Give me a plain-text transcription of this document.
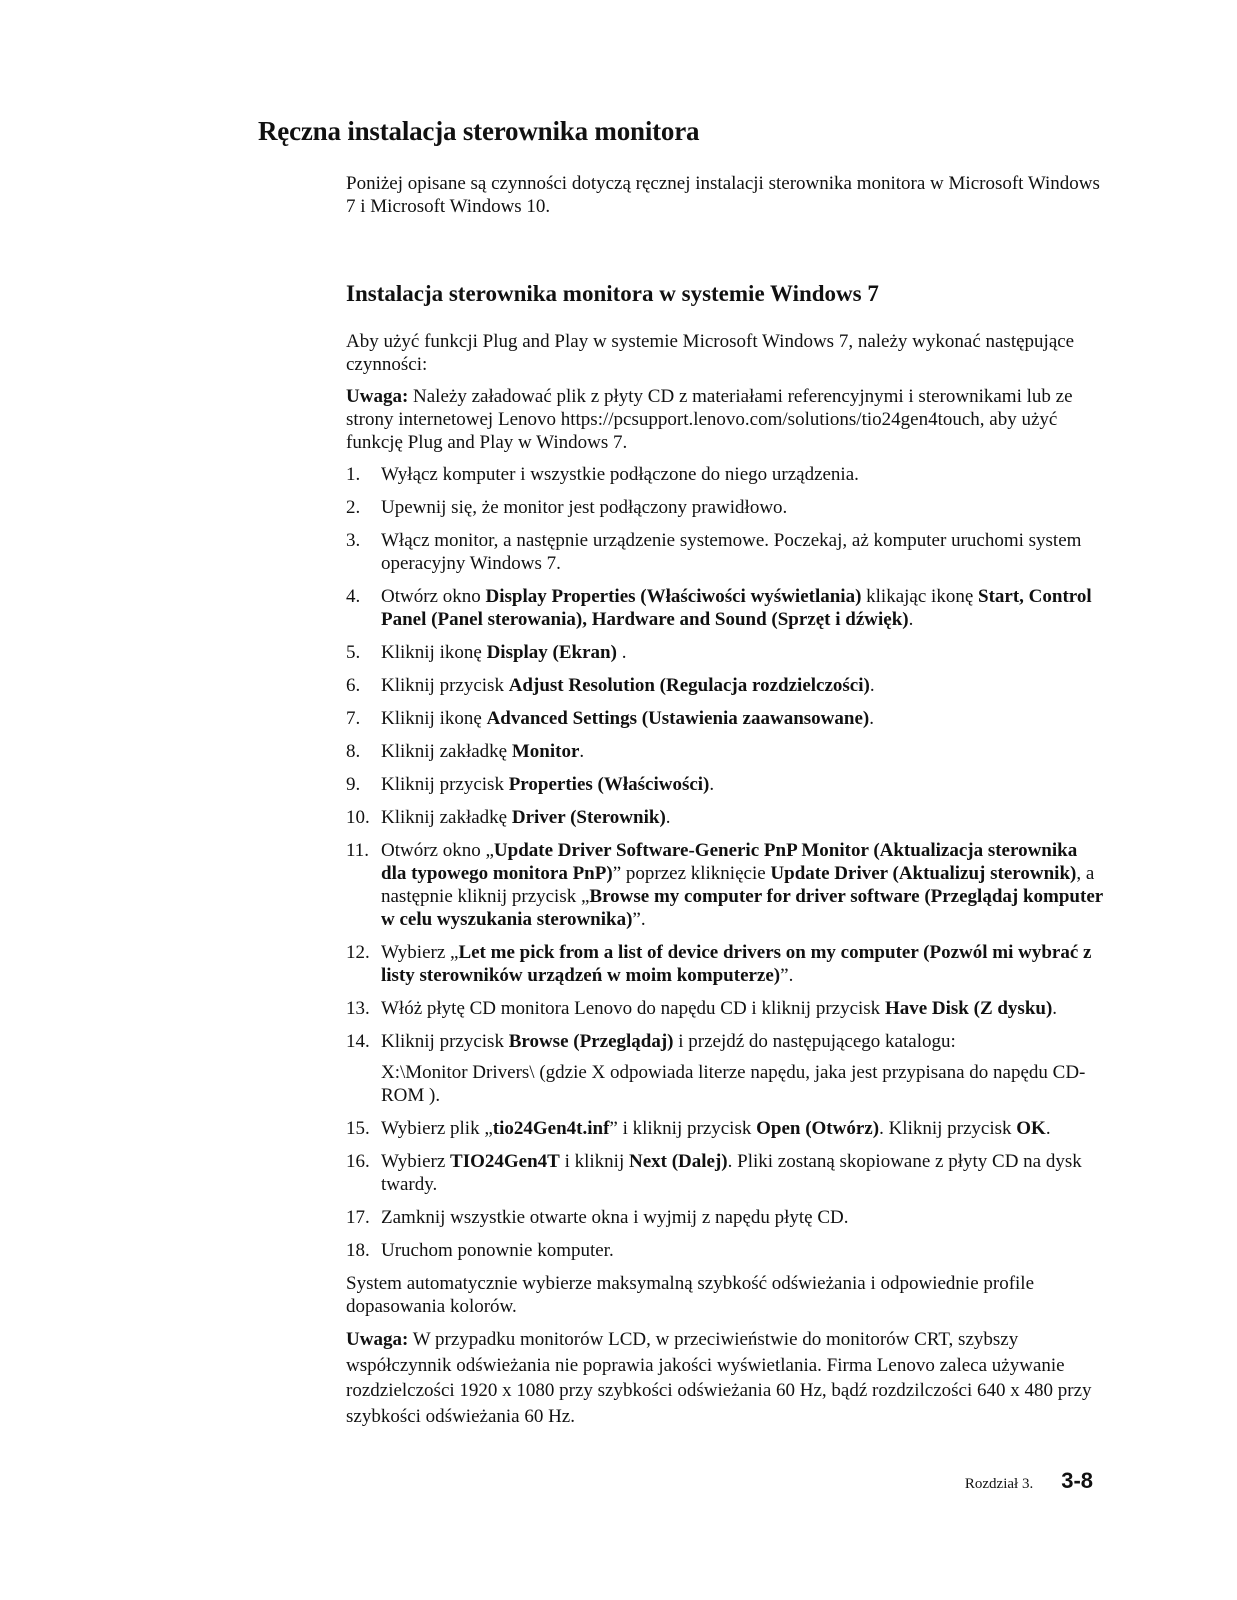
Ręczna instalacja sterownika monitora

Poniżej opisane są czynności dotyczą ręcznej instalacji sterownika monitora w Microsoft Windows 7 i Microsoft Windows 10.

Instalacja sterownika monitora w systemie Windows 7

Aby użyć funkcji Plug and Play w systemie Microsoft Windows 7, należy wykonać następujące czynności:

Uwaga: Należy załadować plik z płyty CD z materiałami referencyjnymi i sterownikami lub ze strony internetowej Lenovo https://pcsupport.lenovo.com/solutions/tio24gen4touch, aby użyć funkcję Plug and Play w Windows 7.

1. Wyłącz komputer i wszystkie podłączone do niego urządzenia.
2. Upewnij się, że monitor jest podłączony prawidłowo.
3. Włącz monitor, a następnie urządzenie systemowe. Poczekaj, aż komputer uruchomi system operacyjny Windows 7.
4. Otwórz okno Display Properties (Właściwości wyświetlania) klikając ikonę Start, Control Panel (Panel sterowania), Hardware and Sound (Sprzęt i dźwięk).
5. Kliknij ikonę Display (Ekran) .
6. Kliknij przycisk Adjust Resolution (Regulacja rozdzielczości).
7. Kliknij ikonę Advanced Settings (Ustawienia zaawansowane).
8. Kliknij zakładkę Monitor.
9. Kliknij przycisk Properties (Właściwości).
10. Kliknij zakładkę Driver (Sterownik).
11. Otwórz okno „Update Driver Software-Generic PnP Monitor (Aktualizacja sterownika dla typowego monitora PnP)” poprzez kliknięcie Update Driver (Aktualizuj sterownik), a następnie kliknij przycisk „Browse my computer for driver software (Przeglądaj komputer w celu wyszukania sterownika)”.
12. Wybierz „Let me pick from a list of device drivers on my computer (Pozwól mi wybrać z listy sterowników urządzeń w moim komputerze)”.
13. Włóż płytę CD monitora Lenovo do napędu CD i kliknij przycisk Have Disk (Z dysku).
14. Kliknij przycisk Browse (Przeglądaj) i przejdź do następującego katalogu:
X:\Monitor Drivers\ (gdzie X odpowiada literze napędu, jaka jest przypisana do napędu CD-ROM ).
15. Wybierz plik „tio24Gen4t.inf” i kliknij przycisk Open (Otwórz). Kliknij przycisk OK.
16. Wybierz TIO24Gen4T i kliknij Next (Dalej). Pliki zostaną skopiowane z płyty CD na dysk twardy.
17. Zamknij wszystkie otwarte okna i wyjmij z napędu płytę CD.
18. Uruchom ponownie komputer.

System automatycznie wybierze maksymalną szybkość odświeżania i odpowiednie profile dopasowania kolorów.

Uwaga: W przypadku monitorów LCD, w przeciwieństwie do monitorów CRT, szybszy współczynnik odświeżania nie poprawia jakości wyświetlania. Firma Lenovo zaleca używanie rozdzielczości 1920 x 1080 przy szybkości odświeżania 60 Hz, bądź rozdzilczości 640 x 480 przy szybkości odświeżania 60 Hz.

Rozdział 3. 3-8
